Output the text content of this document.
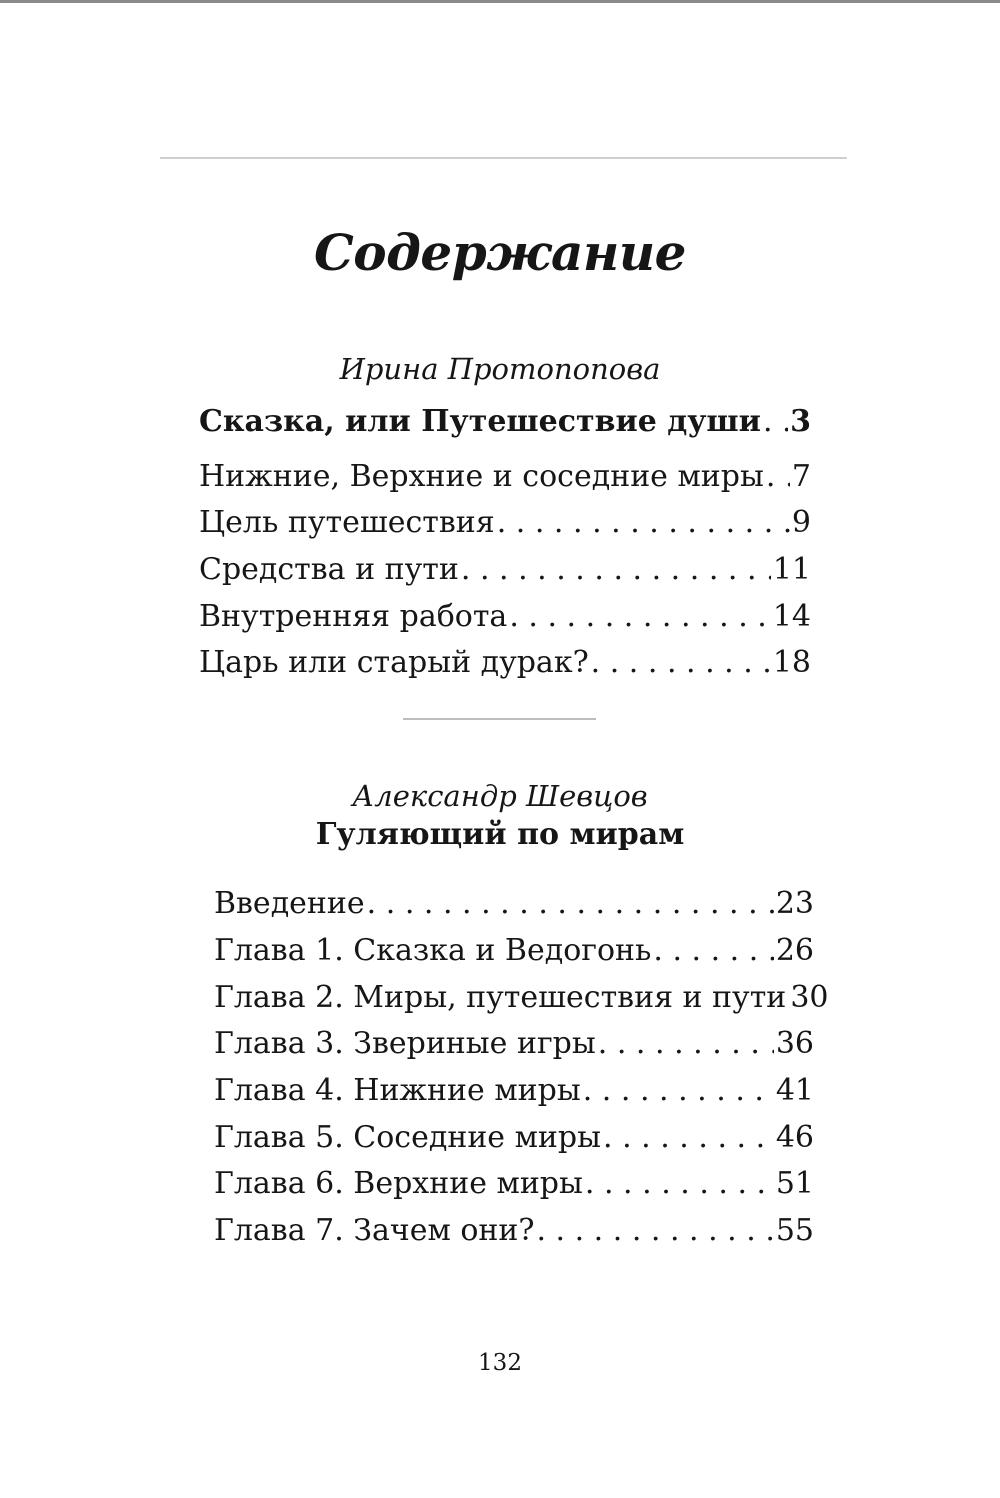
Содержание
Ирина Протопопова
Сказка, или Путешествие души . . . 3
Нижние, Верхние и соседние миры . . . 7
Цель путешествия . . .	9
Средства и пути . . .	11
Внутренняя работа . . .	14
Царь или старый дурак? . . .	18
Александр Шевцов
Гуляющий по мирам
Введение . . .	23
Глава 1. Сказка и Ведогонь . . .	26
Глава 2. Миры, путешествия и пути 30
Глава 3. Звериные игры . . .	36
Глава 4. Нижние миры . . .	41
Глава 5. Соседние миры . . .	46
Глава 6. Верхние миры . . .	51
Глава 7. Зачем они? . . .	55
132
